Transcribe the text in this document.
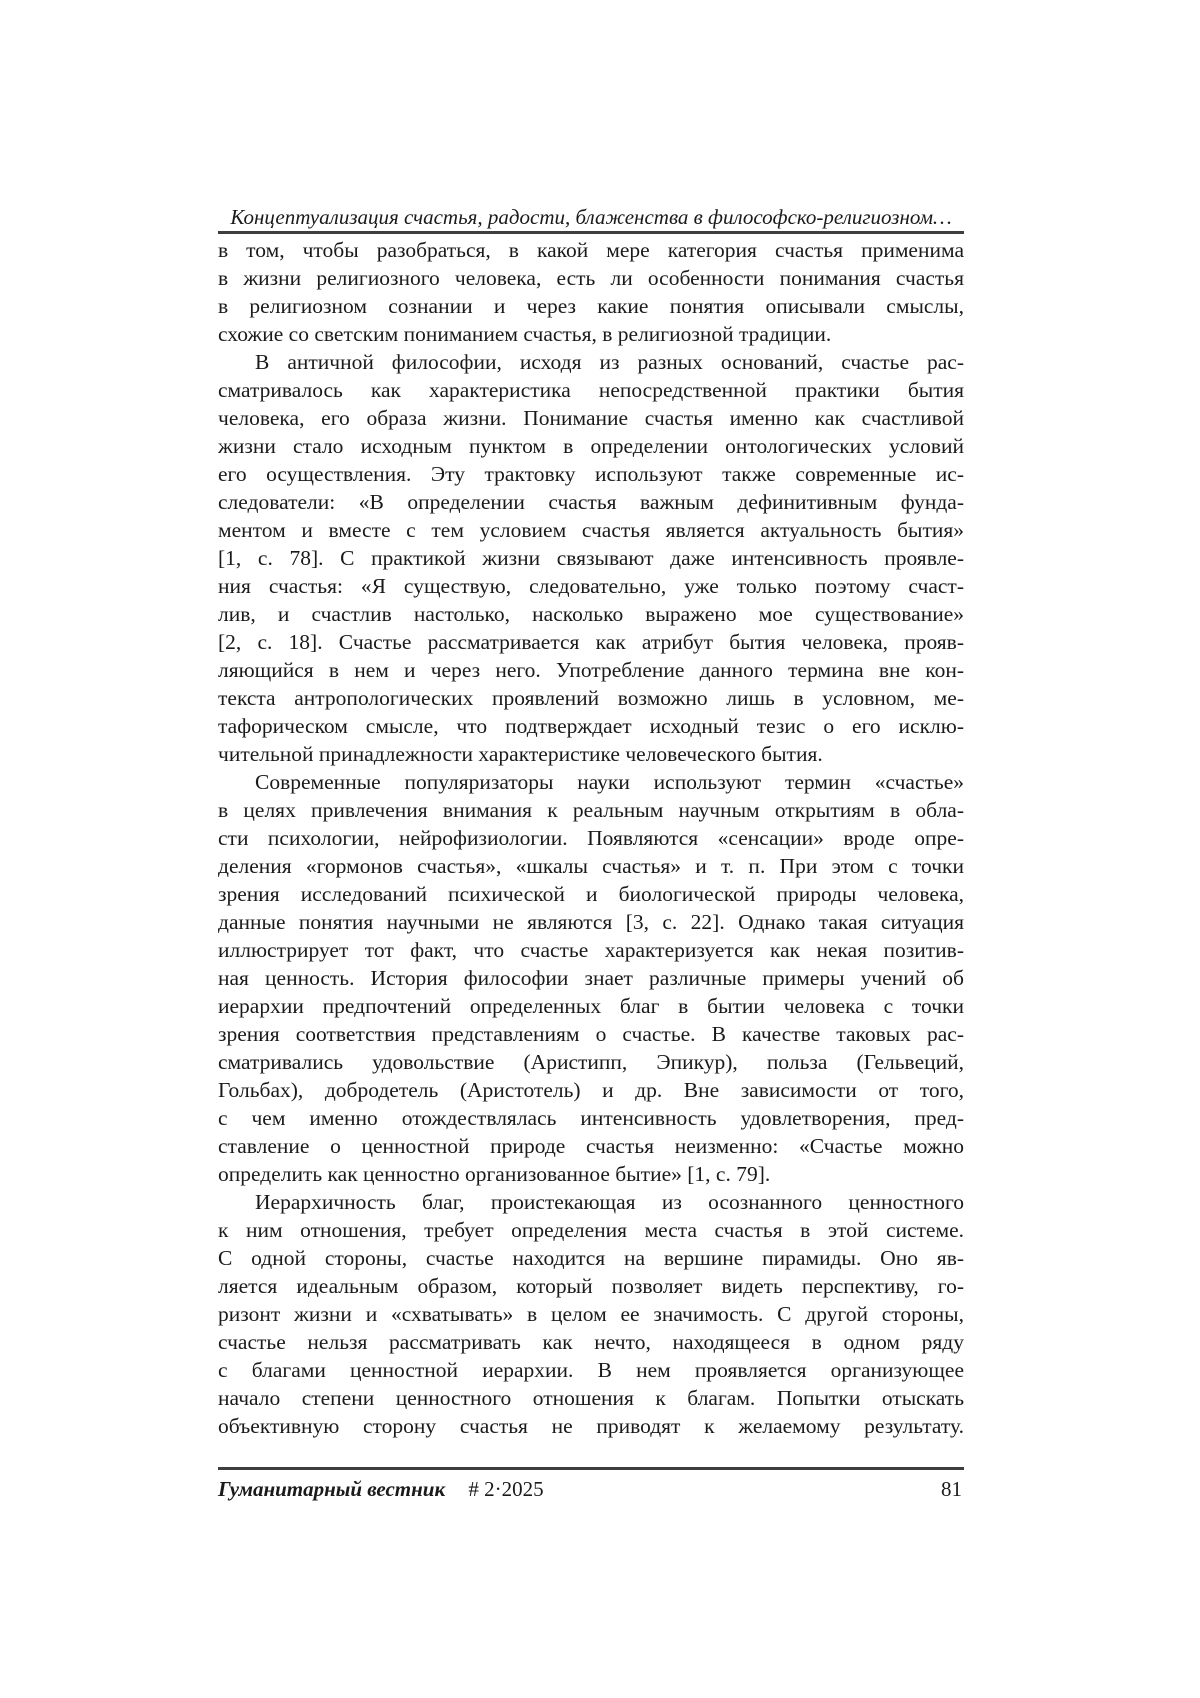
Концептуализация счастья, радости, блаженства в философско-религиозном…
в том, чтобы разобраться, в какой мере категория счастья применима
в жизни религиозного человека, есть ли особенности понимания счастья
в религиозном сознании и через какие понятия описывали смыслы,
схожие со светским пониманием счастья, в религиозной традиции.
В античной философии, исходя из разных оснований, счастье рас-
сматривалось как характеристика непосредственной практики бытия
человека, его образа жизни. Понимание счастья именно как счастливой
жизни стало исходным пунктом в определении онтологических условий
его осуществления. Эту трактовку используют также современные ис-
следователи: «В определении счастья важным дефинитивным фунда-
ментом и вместе с тем условием счастья является актуальность бытия»
[1, с. 78]. С практикой жизни связывают даже интенсивность проявле-
ния счастья: «Я существую, следовательно, уже только поэтому счаст-
лив, и счастлив настолько, насколько выражено мое существование»
[2, с. 18]. Счастье рассматривается как атрибут бытия человека, прояв-
ляющийся в нем и через него. Употребление данного термина вне кон-
текста антропологических проявлений возможно лишь в условном, ме-
тафорическом смысле, что подтверждает исходный тезис о его исклю-
чительной принадлежности характеристике человеческого бытия.
Современные популяризаторы науки используют термин «счастье»
в целях привлечения внимания к реальным научным открытиям в обла-
сти психологии, нейрофизиологии. Появляются «сенсации» вроде опре-
деления «гормонов счастья», «шкалы счастья» и т. п. При этом с точки
зрения исследований психической и биологической природы человека,
данные понятия научными не являются [3, с. 22]. Однако такая ситуация
иллюстрирует тот факт, что счастье характеризуется как некая позитив-
ная ценность. История философии знает различные примеры учений об
иерархии предпочтений определенных благ в бытии человека с точки
зрения соответствия представлениям о счастье. В качестве таковых рас-
сматривались удовольствие (Аристипп, Эпикур), польза (Гельвеций,
Гольбах), добродетель (Аристотель) и др. Вне зависимости от того,
с чем именно отождествлялась интенсивность удовлетворения, пред-
ставление о ценностной природе счастья неизменно: «Счастье можно
определить как ценностно организованное бытие» [1, с. 79].
Иерархичность благ, проистекающая из осознанного ценностного
к ним отношения, требует определения места счастья в этой системе.
С одной стороны, счастье находится на вершине пирамиды. Оно яв-
ляется идеальным образом, который позволяет видеть перспективу, го-
ризонт жизни и «схватывать» в целом ее значимость. С другой стороны,
счастье нельзя рассматривать как нечто, находящееся в одном ряду
с благами ценностной иерархии. В нем проявляется организующее
начало степени ценностного отношения к благам. Попытки отыскать
объективную сторону счастья не приводят к желаемому результату.
Гуманитарный вестник # 2·2025	81
